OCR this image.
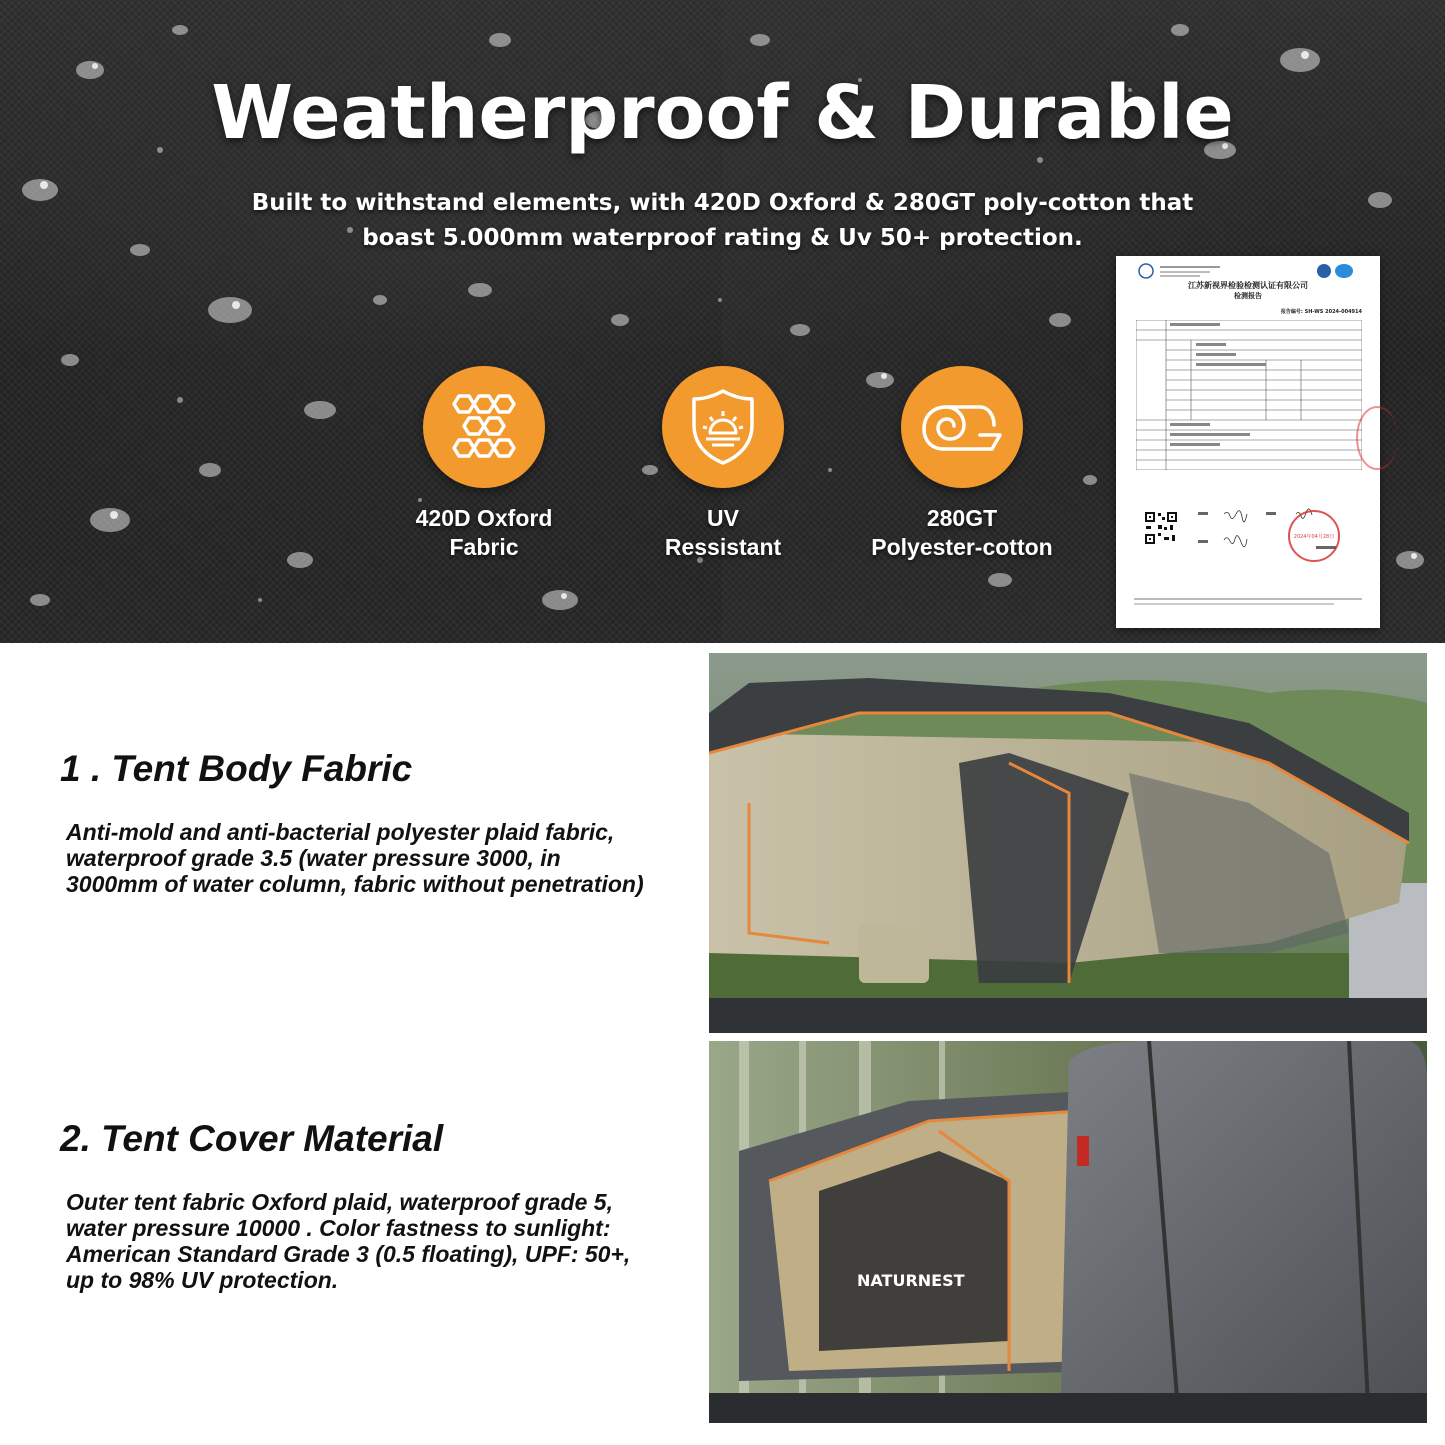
Weatherproof & Durable
Built to withstand elements, with 420D Oxford & 280GT poly-cotton that boast 5.000mm waterproof rating & Uv 50+ protection.
420D Oxford
Fabric
UV
Ressistant
280GT
Polyester-cotton
江苏新视界检验检测认证有限公司
检测报告
报告编号: SH-WS 2024-004914
2024年04月28日
1 . Tent Body Fabric
Anti-mold and anti-bacterial polyester plaid fabric, waterproof grade 3.5 (water pressure 3000, in 3000mm of water column, fabric without penetration)
2. Tent Cover Material
Outer tent fabric Oxford plaid, waterproof grade 5, water pressure 10000 . Color fastness to sunlight: American Standard Grade 3 (0.5 floating), UPF: 50+, up to 98% UV protection.	NATURNEST
